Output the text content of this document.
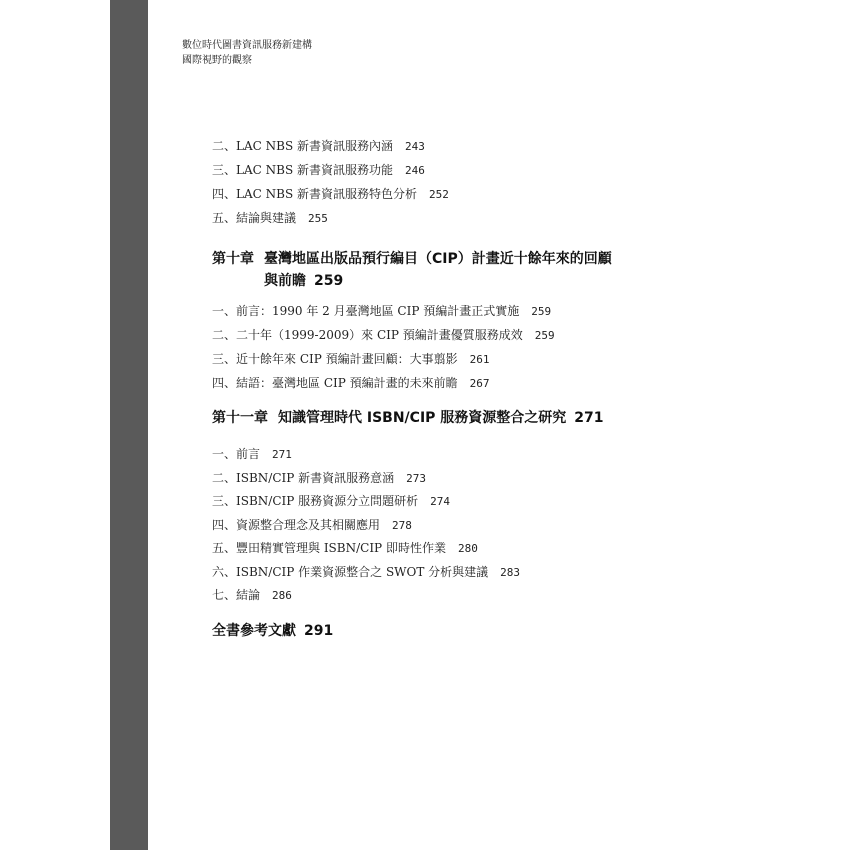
數位時代圖書資訊服務新建構
國際視野的觀察
二、LAC NBS 新書資訊服務內涵 243
三、LAC NBS 新書資訊服務功能 246
四、LAC NBS 新書資訊服務特色分析 252
五、結論與建議 255
第十章 臺灣地區出版品預行編目（CIP）計畫近十餘年來的回顧
與前瞻 259
一、前言：1990 年 2 月臺灣地區 CIP 預編計畫正式實施 259
二、二十年（1999-2009）來 CIP 預編計畫優質服務成效 259
三、近十餘年來 CIP 預編計畫回顧：大事翦影 261
四、結語：臺灣地區 CIP 預編計畫的未來前瞻 267
第十一章 知識管理時代 ISBN/CIP 服務資源整合之研究 271
一、前言 271
二、ISBN/CIP 新書資訊服務意涵 273
三、ISBN/CIP 服務資源分立問題研析 274
四、資源整合理念及其相關應用 278
五、豐田精實管理與 ISBN/CIP 即時性作業 280
六、ISBN/CIP 作業資源整合之 SWOT 分析與建議 283
七、結論 286
全書參考文獻 291
